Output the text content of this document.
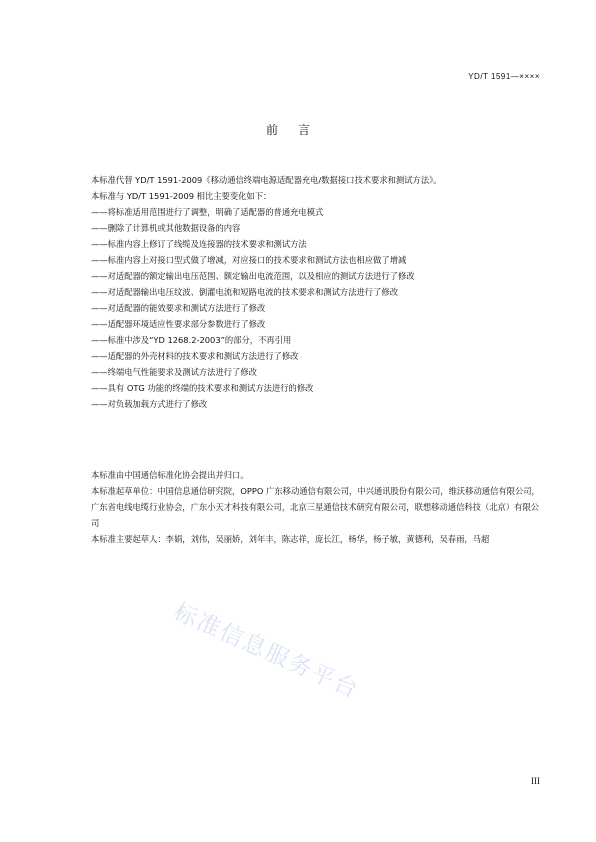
YD/T 1591—××××
前言

本标准代替 YD/T 1591-2009《移动通信终端电源适配器充电/数据接口技术要求和测试方法》。

本标准与 YD/T 1591-2009 相比主要变化如下：

——将标准适用范围进行了调整，明确了适配器的普通充电模式

——删除了计算机或其他数据设备的内容

——标准内容上修订了线缆及连接器的技术要求和测试方法

——标准内容上对接口型式做了增减，对应接口的技术要求和测试方法也相应做了增减

——对适配器的额定输出电压范围、额定输出电流范围，以及相应的测试方法进行了修改

——对适配器输出电压纹波、倒灌电流和短路电流的技术要求和测试方法进行了修改

——对适配器的能效要求和测试方法进行了修改

——适配器环境适应性要求部分参数进行了修改

——标准中涉及“YD 1268.2-2003”的部分，不再引用

——适配器的外壳材料的技术要求和测试方法进行了修改

——终端电气性能要求及测试方法进行了修改

——具有 OTG 功能的终端的技术要求和测试方法进行的修改

——对负载加载方式进行了修改

本标准由中国通信标准化协会提出并归口。

本标准起草单位：中国信息通信研究院，OPPO 广东移动通信有限公司，中兴通讯股份有限公司，维沃移动通信有限公司，广东省电线电缆行业协会，广东小天才科技有限公司，北京三星通信技术研究有限公司，联想移动通信科技（北京）有限公司

本标准主要起草人：李娟，刘伟，吴丽娇，刘年丰，陈志祥，庞长江，杨华，杨子敏，黄德利，吴春雨，马超

标准信息服务平台
III
